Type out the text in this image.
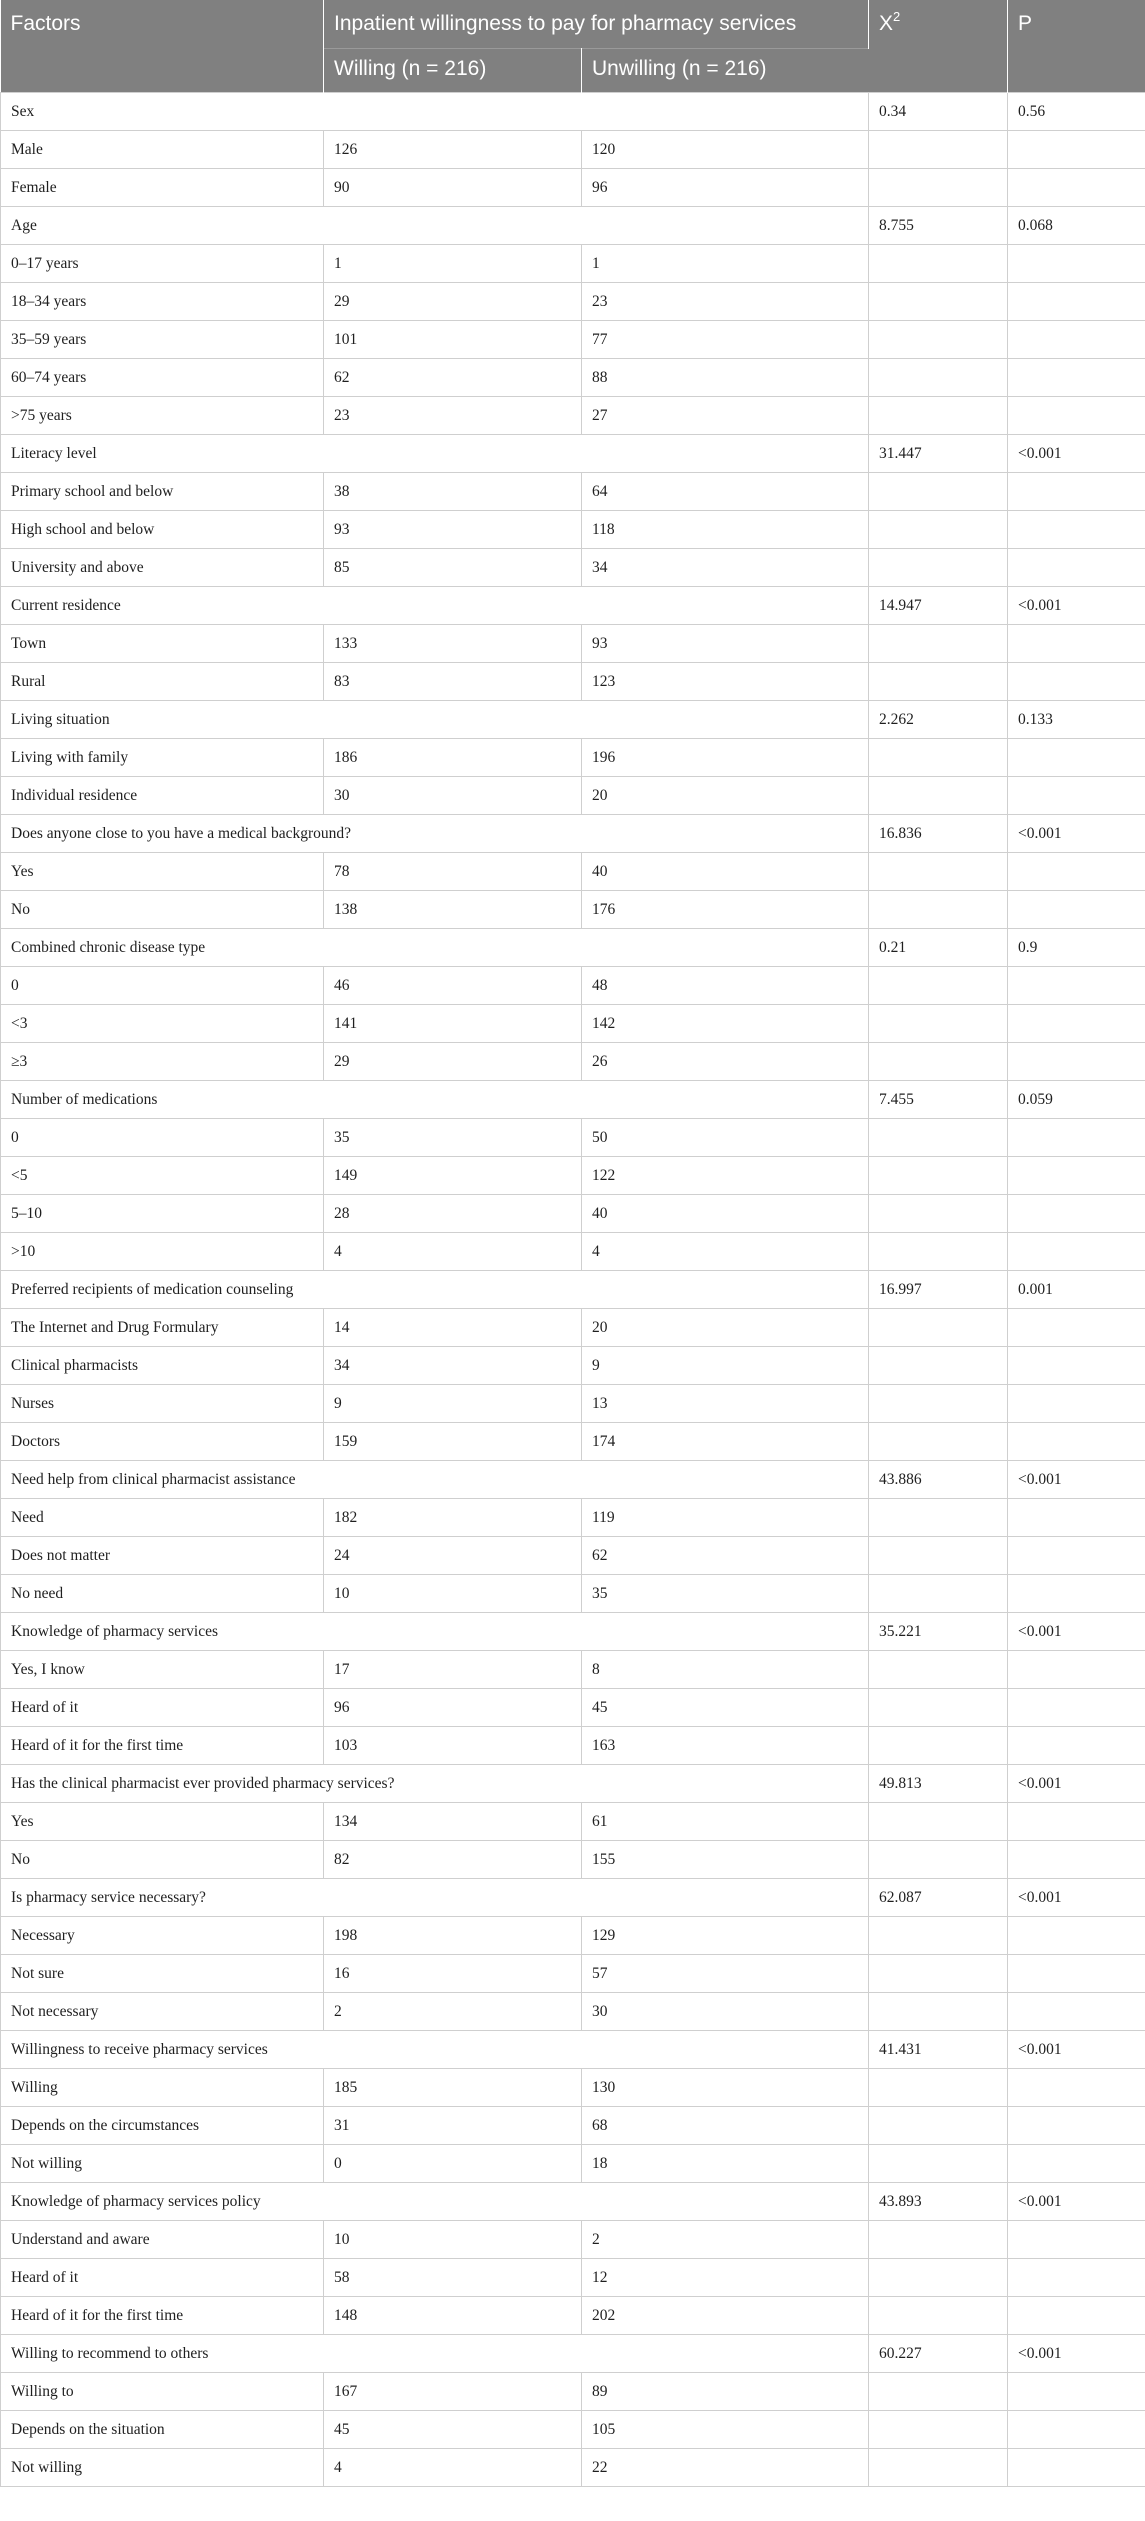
Factors	Inpatient willingness to pay for pharmacy services		$X^2$	P
	Willing (n = 216)	Unwilling (n = 216)		
Sex			0.34	0.56
Male	126	120		
Female	90	96		
Age			8.755	0.068
0–17 years	1	1		
18–34 years	29	23		
35–59 years	101	77		
60–74 years	62	88		
>75 years	23	27		
Literacy level			31.447	<0.001
Primary school and below	38	64		
High school and below	93	118		
University and above	85	34		
Current residence			14.947	<0.001
Town	133	93		
Rural	83	123		
Living situation			2.262	0.133
Living with family	186	196		
Individual residence	30	20		
Does anyone close to you have a medical background?			16.836	<0.001
Yes	78	40		
No	138	176		
Combined chronic disease type			0.21	0.9
0	46	48		
<3	141	142		
≥3	29	26		
Number of medications			7.455	0.059
0	35	50		
<5	149	122		
5–10	28	40		
>10	4	4		
Preferred recipients of medication counseling			16.997	0.001
The Internet and Drug Formulary	14	20		
Clinical pharmacists	34	9		
Nurses	9	13		
Doctors	159	174		
Need help from clinical pharmacist assistance			43.886	<0.001
Need	182	119		
Does not matter	24	62		
No need	10	35		
Knowledge of pharmacy services			35.221	<0.001
Yes, I know	17	8		
Heard of it	96	45		
Heard of it for the first time	103	163		
Has the clinical pharmacist ever provided pharmacy services?			49.813	<0.001
Yes	134	61		
No	82	155		
Is pharmacy service necessary?			62.087	<0.001
Necessary	198	129		
Not sure	16	57		
Not necessary	2	30		
Willingness to receive pharmacy services			41.431	<0.001
Willing	185	130		
Depends on the circumstances	31	68		
Not willing	0	18		
Knowledge of pharmacy services policy			43.893	<0.001
Understand and aware	10	2		
Heard of it	58	12		
Heard of it for the first time	148	202		
Willing to recommend to others			60.227	<0.001
Willing to	167	89		
Depends on the situation	45	105		
Not willing	4	22		
